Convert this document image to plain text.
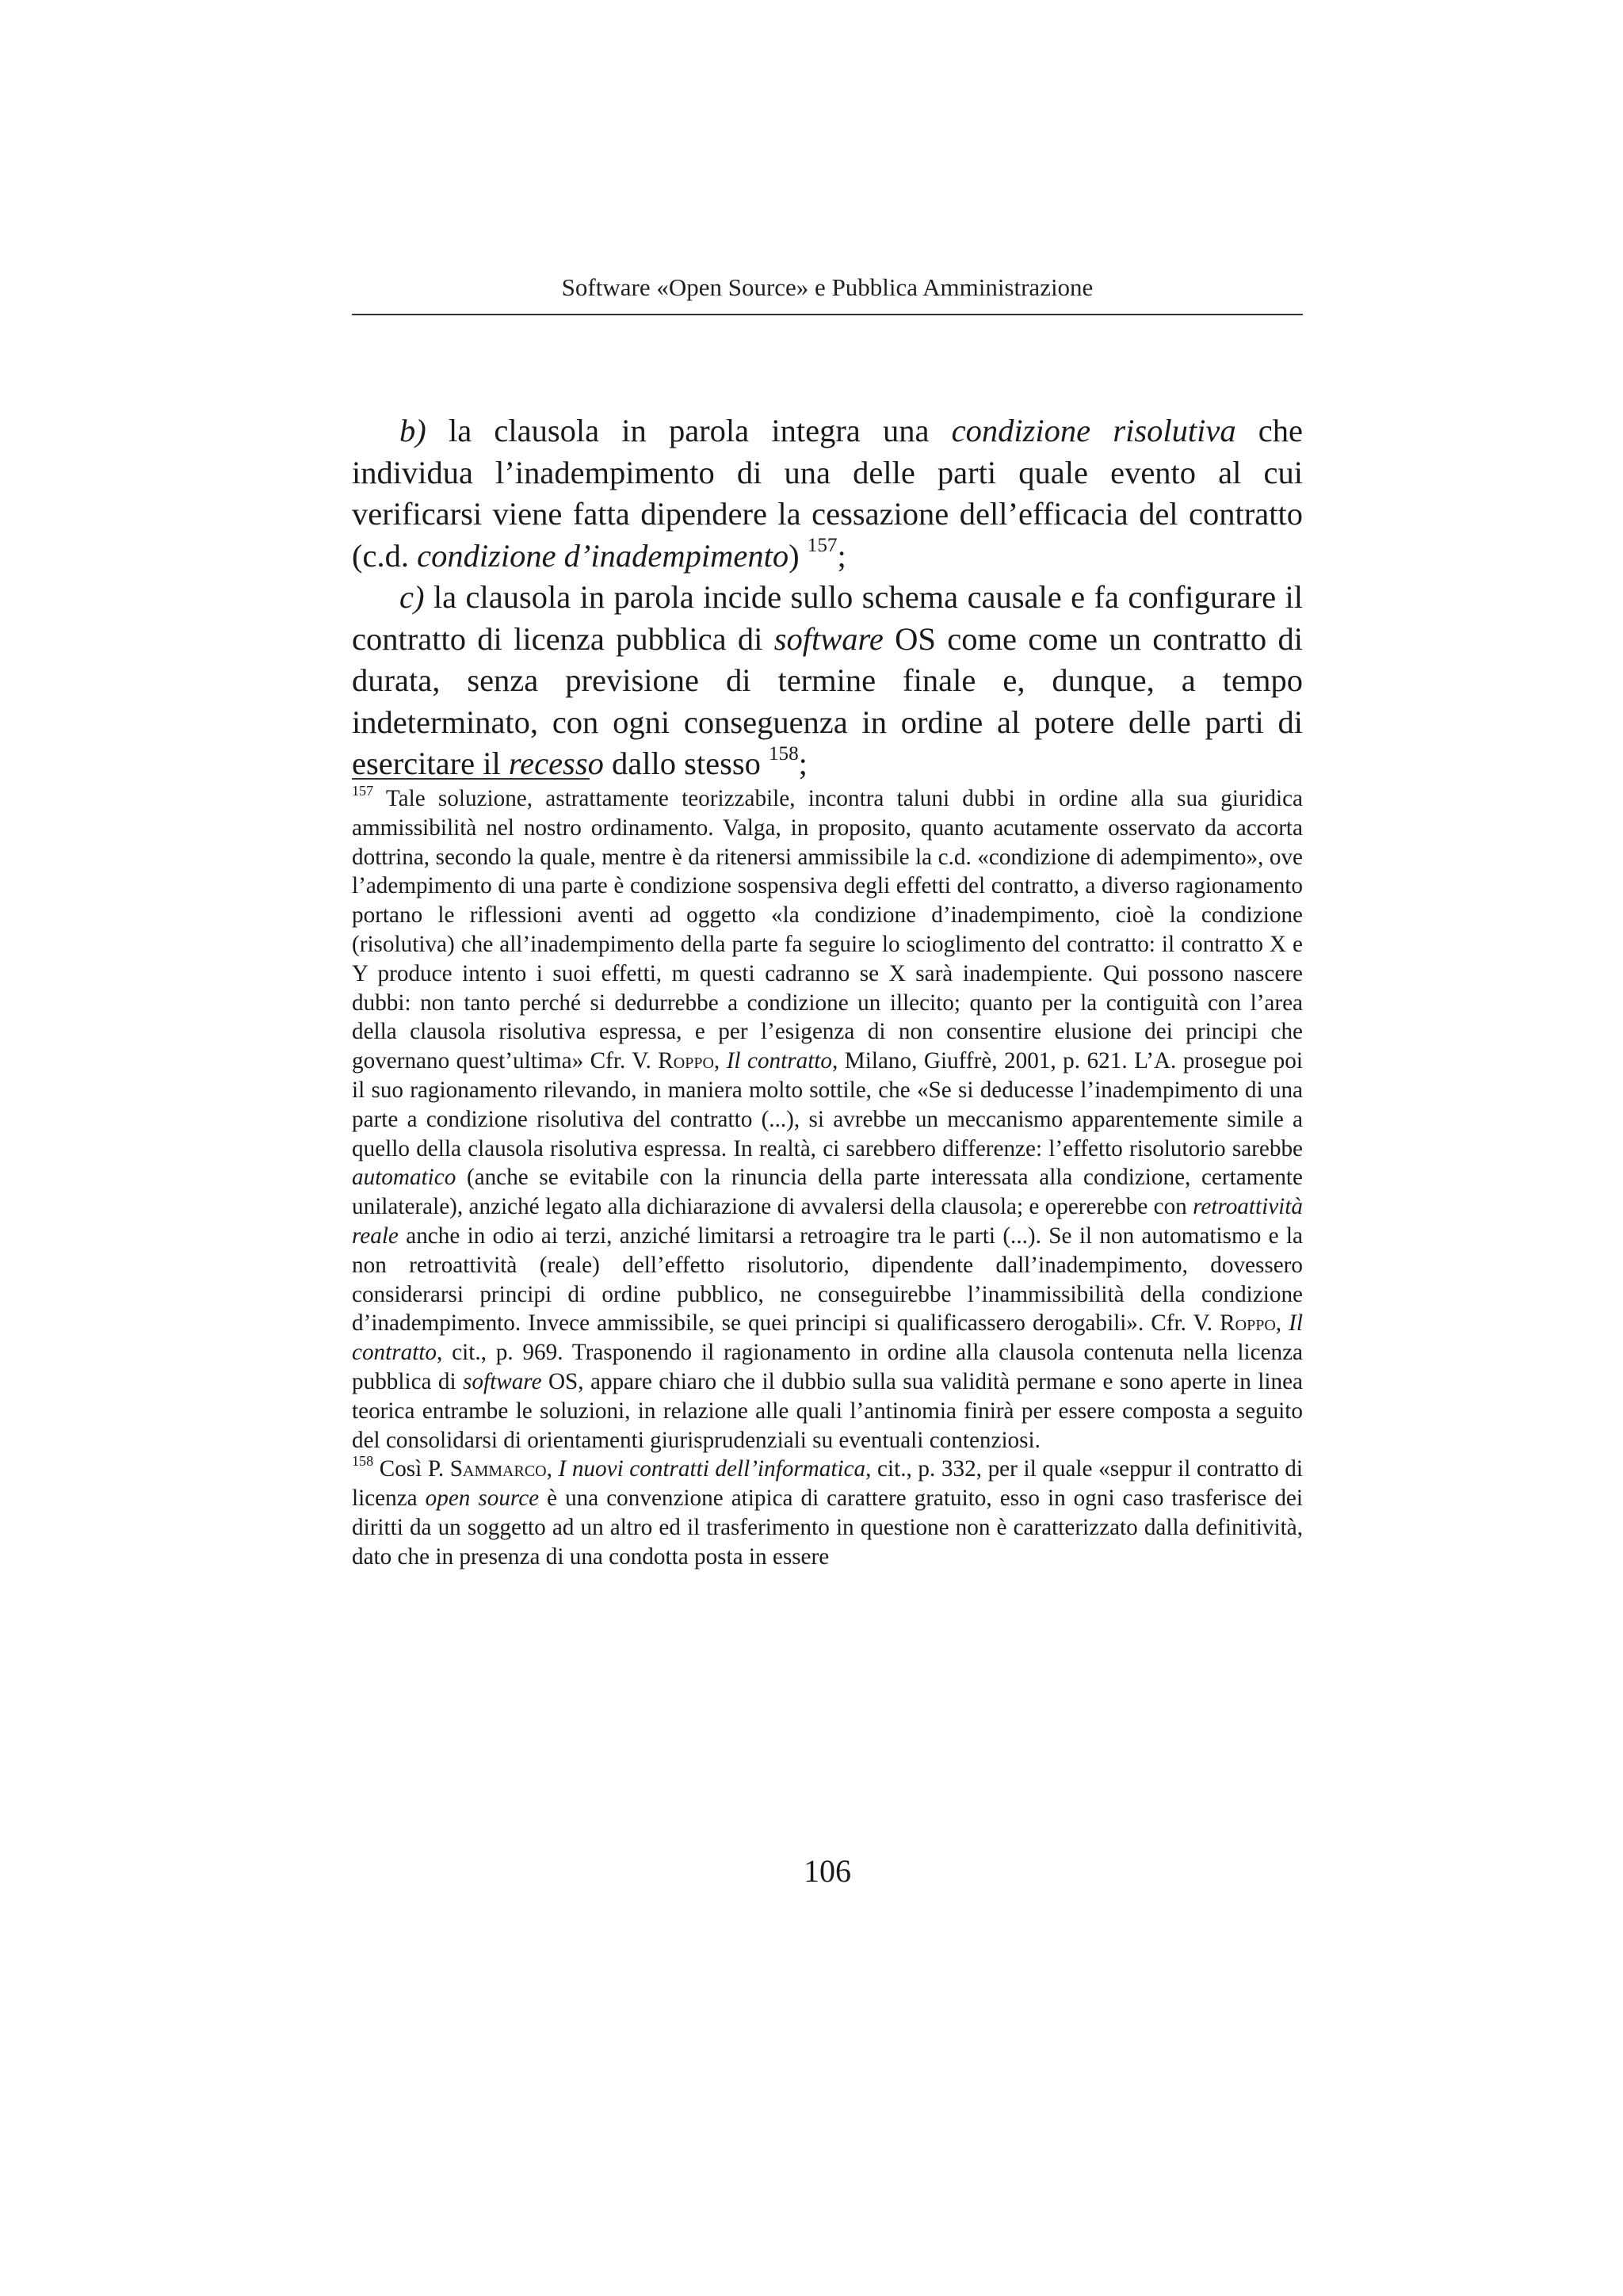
Software «Open Source» e Pubblica Amministrazione

b) la clausola in parola integra una condizione risolutiva che individua l’inadempimento di una delle parti quale evento al cui verificarsi viene fatta dipendere la cessazione dell’efficacia del contratto (c.d. condizione d’inadempimento) $^{157}$;

c) la clausola in parola incide sullo schema causale e fa configurare il contratto di licenza pubblica di software OS come come un contratto di durata, senza previsione di termine finale e, dunque, a tempo indeterminato, con ogni conseguenza in ordine al potere delle parti di esercitare il recesso dallo stesso $^{158}$;

$^{157}$ Tale soluzione, astrattamente teorizzabile, incontra taluni dubbi in ordine alla sua giuridica ammissibilità nel nostro ordinamento. Valga, in proposito, quanto acutamente osservato da accorta dottrina, secondo la quale, mentre è da ritenersi ammissibile la c.d. «condizione di adempimento», ove l’adempimento di una parte è condizione sospensiva degli effetti del contratto, a diverso ragionamento portano le riflessioni aventi ad oggetto «la condizione d’inadempimento, cioè la condizione (risolutiva) che all’inadempimento della parte fa seguire lo scioglimento del contratto: il contratto X e Y produce intento i suoi effetti, m questi cadranno se X sarà inadempiente. Qui possono nascere dubbi: non tanto perché si dedurrebbe a condizione un illecito; quanto per la contiguità con l’area della clausola risolutiva espressa, e per l’esigenza di non consentire elusione dei principi che governano quest’ultima» Cfr. V. Roppo, Il contratto, Milano, Giuffrè, 2001, p. 621. L’A. prosegue poi il suo ragionamento rilevando, in maniera molto sottile, che «Se si deducesse l’inadempimento di una parte a condizione risolutiva del contratto (...), si avrebbe un meccanismo apparentemente simile a quello della clausola risolutiva espressa. In realtà, ci sarebbero differenze: l’effetto risolutorio sarebbe automatico (anche se evitabile con la rinuncia della parte interessata alla condizione, certamente unilaterale), anziché legato alla dichiarazione di avvalersi della clausola; e opererebbe con retroattività reale anche in odio ai terzi, anziché limitarsi a retroagire tra le parti (...). Se il non automatismo e la non retroattività (reale) dell’effetto risolutorio, dipendente dall’inadempimento, dovessero considerarsi principi di ordine pubblico, ne conseguirebbe l’inammissibilità della condizione d’inadempimento. Invece ammissibile, se quei principi si qualificassero derogabili». Cfr. V. Roppo, Il contratto, cit., p. 969. Trasponendo il ragionamento in ordine alla clausola contenuta nella licenza pubblica di software OS, appare chiaro che il dubbio sulla sua validità permane e sono aperte in linea teorica entrambe le soluzioni, in relazione alle quali l’antinomia finirà per essere composta a seguito del consolidarsi di orientamenti giurisprudenziali su eventuali contenziosi.

$^{158}$ Così P. Sammarco, I nuovi contratti dell’informatica, cit., p. 332, per il quale «seppur il contratto di licenza open source è una convenzione atipica di carattere gratuito, esso in ogni caso trasferisce dei diritti da un soggetto ad un altro ed il trasferimento in questione non è caratterizzato dalla definitività, dato che in presenza di una condotta posta in essere

106
